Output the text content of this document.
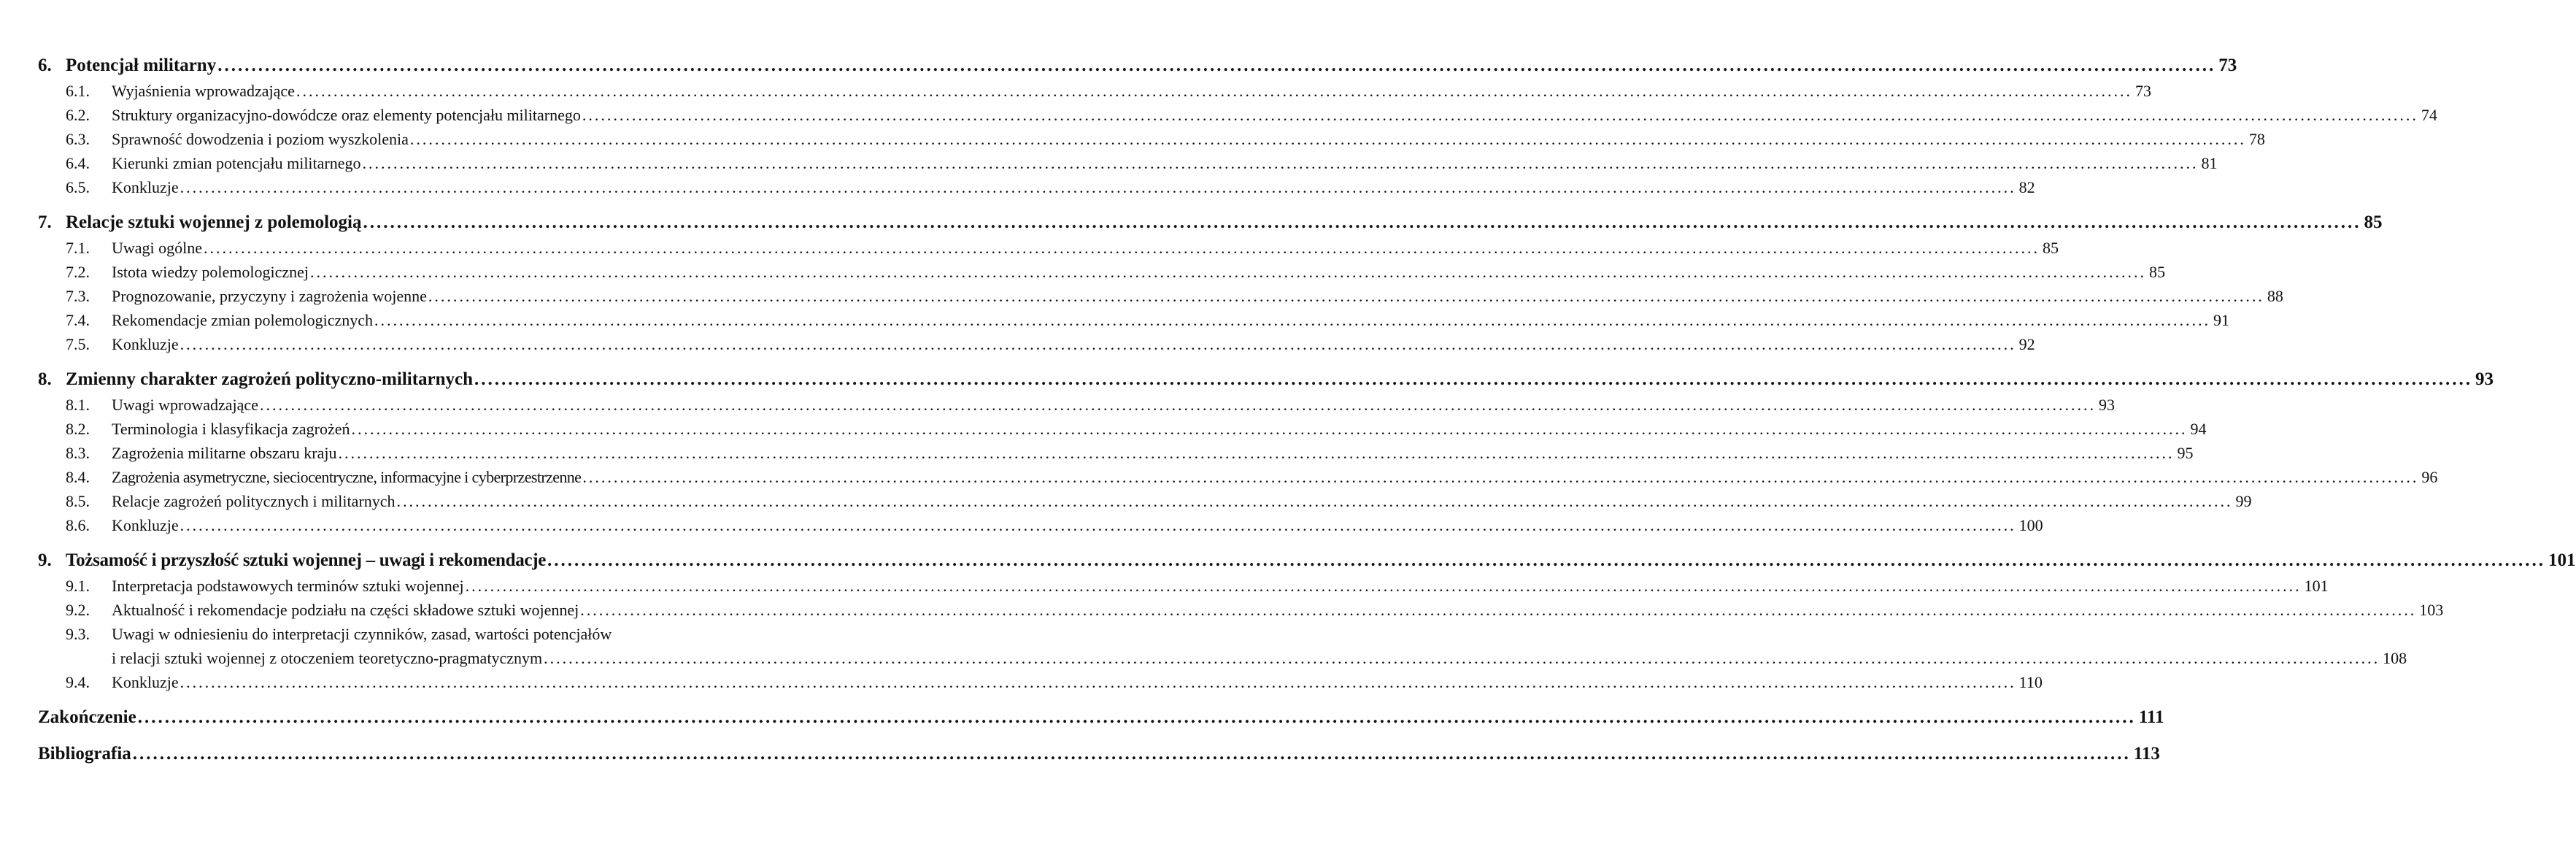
6. Potencjał militarny .....	73
6.1.	Wyjaśnienia wprowadzające .....	73
6.2.	Struktury organizacyjno-dowódcze oraz elementy potencjału militarnego .....	74
6.3.	Sprawność dowodzenia i poziom wyszkolenia .....	78
6.4.	Kierunki zmian potencjału militarnego .....	81
6.5.	Konkluzje .....	82
7. Relacje sztuki wojennej z polemologią .....	85
7.1.	Uwagi ogólne .....	85
7.2.	Istota wiedzy polemologicznej .....	85
7.3.	Prognozowanie, przyczyny i zagrożenia wojenne .....	88
7.4.	Rekomendacje zmian polemologicznych .....	91
7.5.	Konkluzje .....	92
8. Zmienny charakter zagrożeń polityczno-militarnych .....	93
8.1.	Uwagi wprowadzające .....	93
8.2.	Terminologia i klasyfikacja zagrożeń .....	94
8.3.	Zagrożenia militarne obszaru kraju .....	95
8.4.	Zagrożenia asymetryczne, sieciocentryczne, informacyjne i cyberprzestrzenne .....	96
8.5.	Relacje zagrożeń politycznych i militarnych .....	99
8.6.	Konkluzje .....	100
9. Tożsamość i przyszłość sztuki wojennej – uwagi i rekomendacje .....	101
9.1.	Interpretacja podstawowych terminów sztuki wojennej .....	101
9.2.	Aktualność i rekomendacje podziału na części składowe sztuki wojennej .....	103
9.3.	Uwagi w odniesieniu do interpretacji czynników, zasad, wartości potencjałów
i relacji sztuki wojennej z otoczeniem teoretyczno-pragmatycznym .....	108
9.4.	Konkluzje .....	110
Zakończenie .....	111
Bibliografia .....	113
